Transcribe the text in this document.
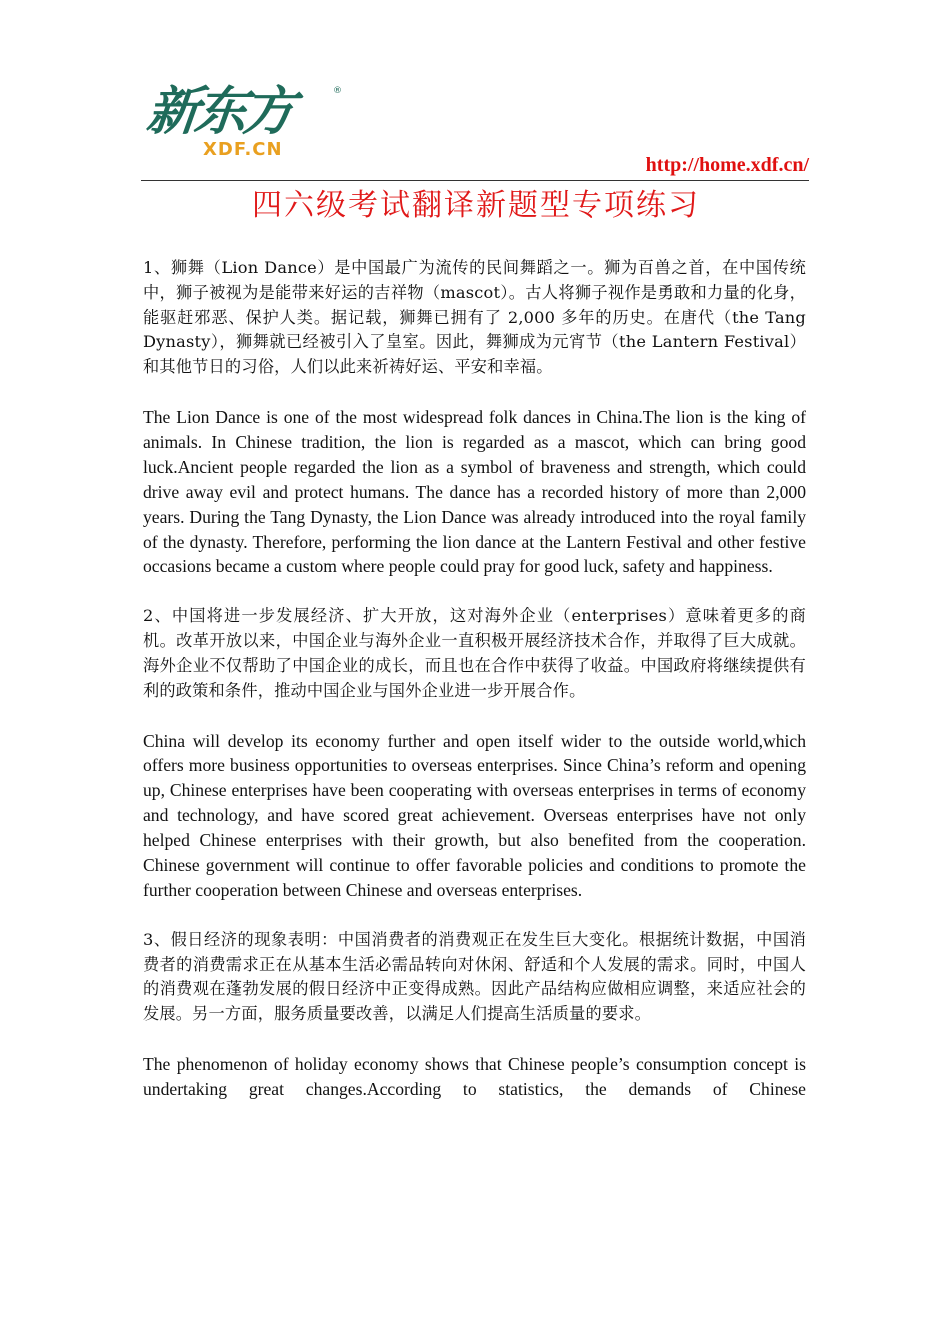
新东方	®
XDF.CN
http://home.xdf.cn/
四六级考试翻译新题型专项练习

1、狮舞（Lion Dance）是中国最广为流传的民间舞蹈之一。狮为百兽之首，在中国传统中，狮子被视为是能带来好运的吉祥物（mascot）。古人将狮子视作是勇敢和力量的化身，能驱赶邪恶、保护人类。据记载，狮舞已拥有了 2,000 多年的历史。在唐代（the Tang Dynasty），狮舞就已经被引入了皇室。因此，舞狮成为元宵节（the Lantern Festival）和其他节日的习俗，人们以此来祈祷好运、平安和幸福。

The Lion Dance is one of the most widespread folk dances in China.The lion is the king of animals. In Chinese tradition, the lion is regarded as a mascot, which can bring good luck.Ancient people regarded the lion as a symbol of braveness and strength, which could drive away evil and protect humans. The dance has a recorded history of more than 2,000 years. During the Tang Dynasty, the Lion Dance was already introduced into the royal family of the dynasty. Therefore, performing the lion dance at the Lantern Festival and other festive occasions became a custom where people could pray for good luck, safety and happiness.

2、中国将进一步发展经济、扩大开放，这对海外企业（enterprises）意味着更多的商机。改革开放以来，中国企业与海外企业一直积极开展经济技术合作，并取得了巨大成就。海外企业不仅帮助了中国企业的成长，而且也在合作中获得了收益。中国政府将继续提供有利的政策和条件，推动中国企业与国外企业进一步开展合作。

China will develop its economy further and open itself wider to the outside world,which offers more business opportunities to overseas enterprises. Since China’s reform and opening up, Chinese enterprises have been cooperating with overseas enterprises in terms of economy and technology, and have scored great achievement. Overseas enterprises have not only helped Chinese enterprises with their growth, but also benefited from the cooperation. Chinese government will continue to offer favorable policies and conditions to promote the further cooperation between Chinese and overseas enterprises.

3、假日经济的现象表明：中国消费者的消费观正在发生巨大变化。根据统计数据，中国消费者的消费需求正在从基本生活必需品转向对休闲、舒适和个人发展的需求。同时，中国人的消费观在蓬勃发展的假日经济中正变得成熟。因此产品结构应做相应调整，来适应社会的发展。另一方面，服务质量要改善，以满足人们提高生活质量的要求。

The phenomenon of holiday economy shows that Chinese people’s consumption concept is undertaking great changes.According to statistics, the demands of Chinese
